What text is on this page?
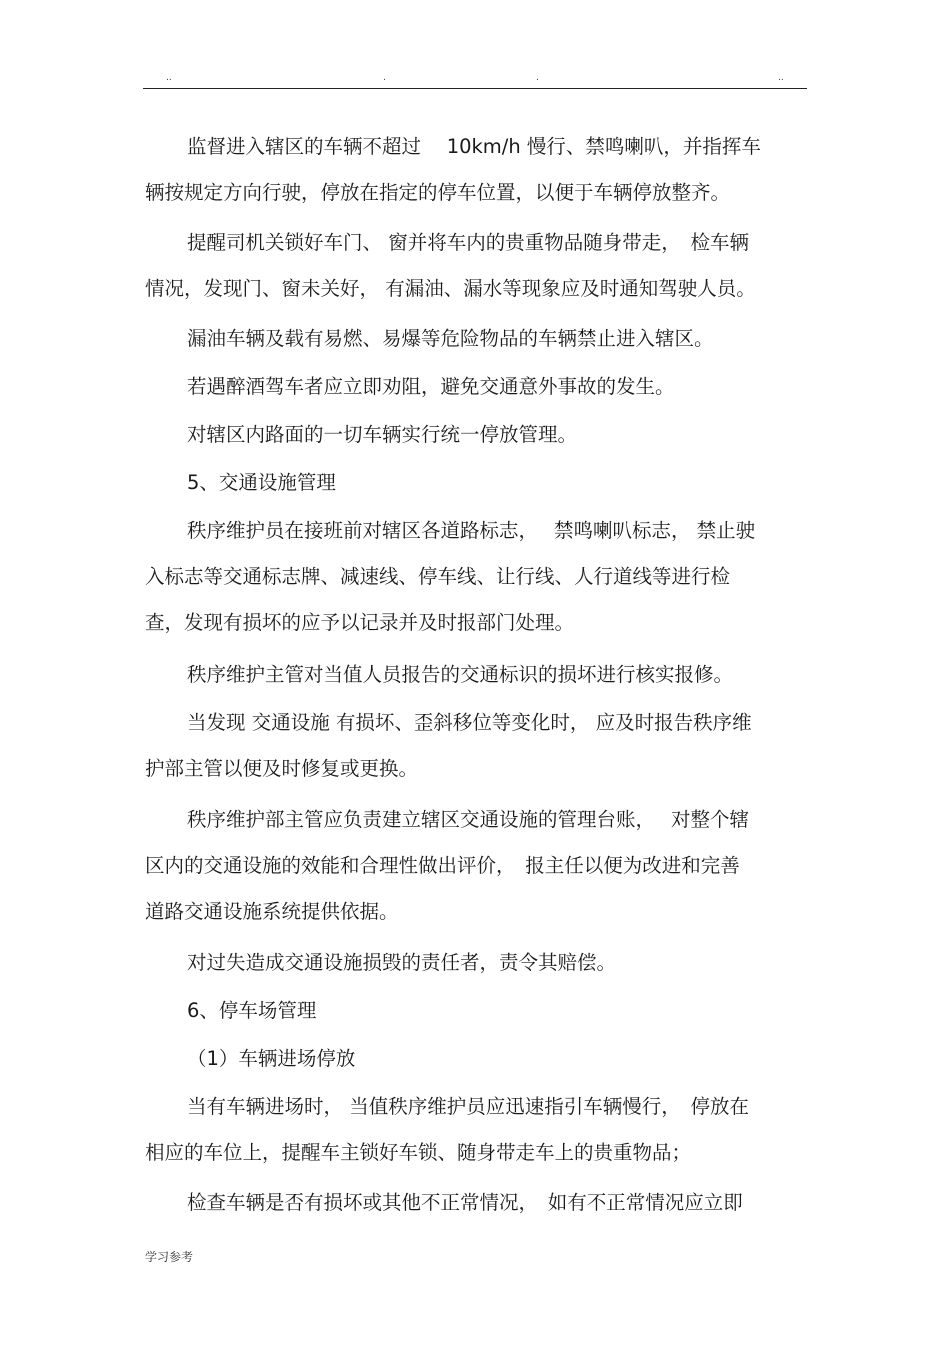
..	.	.	..
监督进入辖区的车辆不超过　 10km/h 慢行、禁鸣喇叭，并指挥车
辆按规定方向行驶，停放在指定的停车位置，以便于车辆停放整齐。
提醒司机关锁好车门、 窗并将车内的贵重物品随身带走，　检车辆
情况，发现门、窗未关好， 有漏油、漏水等现象应及时通知驾驶人员。
漏油车辆及载有易燃、易爆等危险物品的车辆禁止进入辖区。
若遇醉酒驾车者应立即劝阻，避免交通意外事故的发生。
对辖区内路面的一切车辆实行统一停放管理。
5、交通设施管理
秩序维护员在接班前对辖区各道路标志，　 禁鸣喇叭标志， 禁止驶
入标志等交通标志牌、减速线、停车线、让行线、人行道线等进行检
查，发现有损坏的应予以记录并及时报部门处理。
秩序维护主管对当值人员报告的交通标识的损坏进行核实报修。
当发现 交通设施 有损坏、歪斜移位等变化时， 应及时报告秩序维
护部主管以便及时修复或更换。
秩序维护部主管应负责建立辖区交通设施的管理台账，　 对整个辖
区内的交通设施的效能和合理性做出评价，　报主任以便为改进和完善
道路交通设施系统提供依据。
对过失造成交通设施损毁的责任者，责令其赔偿。
6、停车场管理
（1）车辆进场停放
当有车辆进场时， 当值秩序维护员应迅速指引车辆慢行，　停放在
相应的车位上，提醒车主锁好车锁、随身带走车上的贵重物品；
检查车辆是否有损坏或其他不正常情况，　如有不正常情况应立即
学习参考
